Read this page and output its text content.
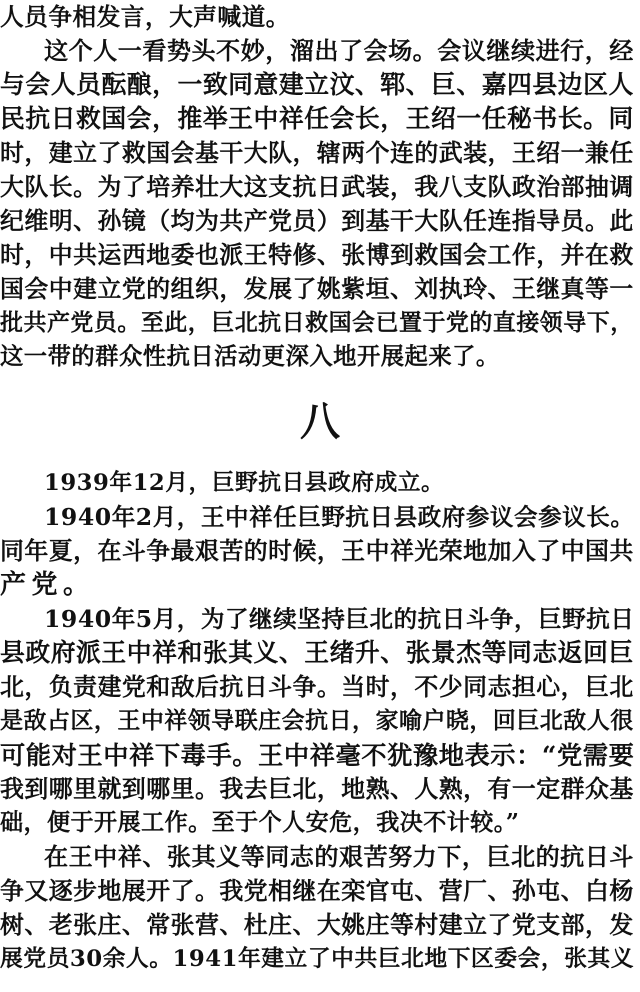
人员争相发言，大声喊道。
这个人一看势头不妙，溜出了会场。会议继续进行，经
与会人员酝酿，一致同意建立汶、郓、巨、嘉四县边区人
民抗日救国会，推举王中祥任会长，王绍一任秘书长。同
时，建立了救国会基干大队，辖两个连的武装，王绍一兼任
大队长。为了培养壮大这支抗日武装，我八支队政治部抽调
纪维明、孙镜（均为共产党员）到基干大队任连指导员。此
时，中共运西地委也派王特修、张博到救国会工作，并在救
国会中建立党的组织，发展了姚紫垣、刘执玲、王继真等一
批共产党员。至此，巨北抗日救国会已置于党的直接领导下，
这一带的群众性抗日活动更深入地开展起来了。
八
1939年12月，巨野抗日县政府成立。
1940年2月，王中祥任巨野抗日县政府参议会参议长。
同年夏，在斗争最艰苦的时候，王中祥光荣地加入了中国共
产党。
1940年5月，为了继续坚持巨北的抗日斗争，巨野抗日
县政府派王中祥和张其义、王绪升、张景杰等同志返回巨
北，负责建党和敌后抗日斗争。当时，不少同志担心，巨北
是敌占区，王中祥领导联庄会抗日，家喻户晓，回巨北敌人很
可能对王中祥下毒手。王中祥毫不犹豫地表示：“党需要
我到哪里就到哪里。我去巨北，地熟、人熟，有一定群众基
础，便于开展工作。至于个人安危，我决不计较。”
在王中祥、张其义等同志的艰苦努力下，巨北的抗日斗
争又逐步地展开了。我党相继在栾官屯、营厂、孙屯、白杨
树、老张庄、常张营、杜庄、大姚庄等村建立了党支部，发
展党员30余人。1941年建立了中共巨北地下区委会，张其义
